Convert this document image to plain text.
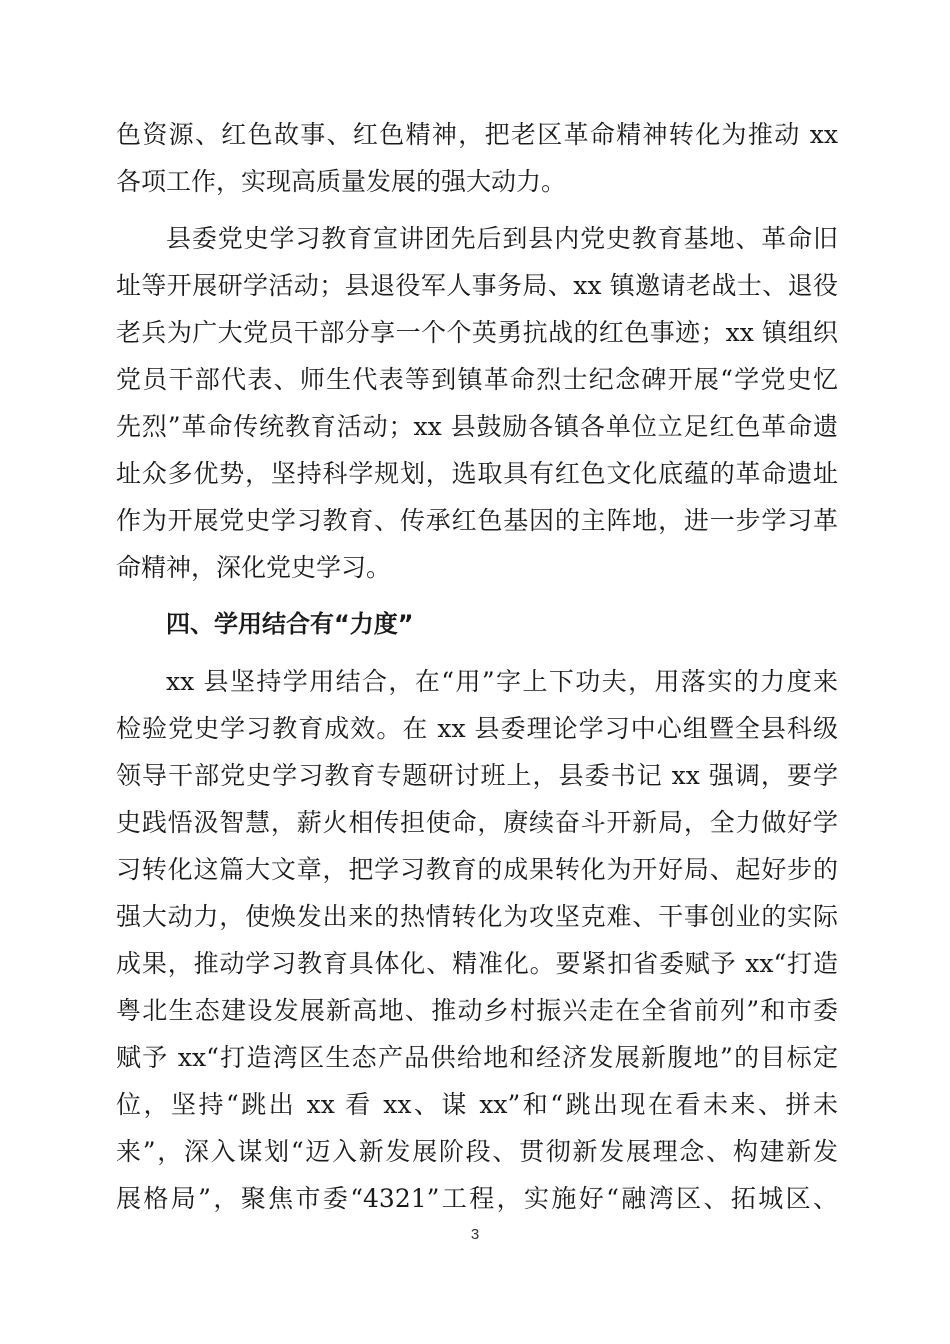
色资源、红色故事、红色精神，把老区革命精神转化为推动 xx
各项工作，实现高质量发展的强大动力。
县委党史学习教育宣讲团先后到县内党史教育基地、革命旧
址等开展研学活动；县退役军人事务局、xx 镇邀请老战士、退役
老兵为广大党员干部分享一个个英勇抗战的红色事迹；xx 镇组织
党员干部代表、师生代表等到镇革命烈士纪念碑开展“学党史忆
先烈”革命传统教育活动；xx 县鼓励各镇各单位立足红色革命遗
址众多优势，坚持科学规划，选取具有红色文化底蕴的革命遗址
作为开展党史学习教育、传承红色基因的主阵地，进一步学习革
命精神，深化党史学习。
四、学用结合有“力度”
xx 县坚持学用结合，在“用”字上下功夫，用落实的力度来
检验党史学习教育成效。在 xx 县委理论学习中心组暨全县科级
领导干部党史学习教育专题研讨班上，县委书记 xx 强调，要学
史践悟汲智慧，薪火相传担使命，赓续奋斗开新局，全力做好学
习转化这篇大文章，把学习教育的成果转化为开好局、起好步的
强大动力，使焕发出来的热情转化为攻坚克难、干事创业的实际
成果，推动学习教育具体化、精准化。要紧扣省委赋予 xx“打造
粤北生态建设发展新高地、推动乡村振兴走在全省前列”和市委
赋予 xx“打造湾区生态产品供给地和经济发展新腹地”的目标定
位，坚持“跳出 xx 看 xx、谋 xx”和“跳出现在看未来、拼未
来”，深入谋划“迈入新发展阶段、贯彻新发展理念、构建新发
展格局”，聚焦市委“4321”工程，实施好“融湾区、拓城区、
3
